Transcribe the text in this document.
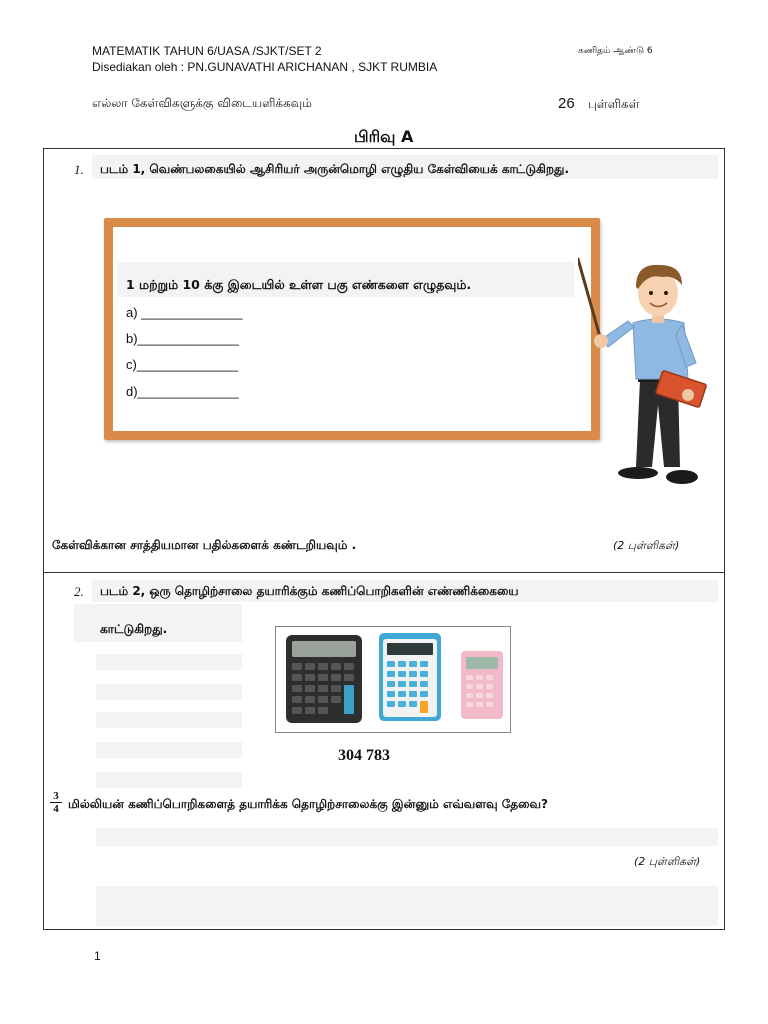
MATEMATIK TAHUN 6/UASA /SJKT/SET 2
Disediakan oleh : PN.GUNAVATHI ARICHANAN , SJKT RUMBIA
கணிதம் ஆண்டு 6
எல்லா கேள்விகளுக்கு விடையளிக்கவும்	26 புள்ளிகள்
பிரிவு A
1. படம் 1, வெண்பலகையில் ஆசிரியர் அருன்மொழி எழுதிய கேள்வியைக் காட்டுகிறது.
1 மற்றும் 10 க்கு இடையில் உள்ள பகு எண்களை எழுதவும்.
a) ______________
b)______________
c)______________
d)______________
கேள்விக்கான சாத்தியமான பதில்களைக் கண்டறியவும் .	(2 புள்ளிகள்)
2. படம் 2, ஒரு தொழிற்சாலை தயாரிக்கும் கணிப்பொறிகளின் எண்ணிக்கையை
காட்டுகிறது.
304 783
$\frac{3}{4}$ மில்லியன் கணிப்பொறிகளைத் தயாரிக்க தொழிற்சாலைக்கு இன்னும் எவ்வளவு தேவை?
(2 புள்ளிகள்)
1
